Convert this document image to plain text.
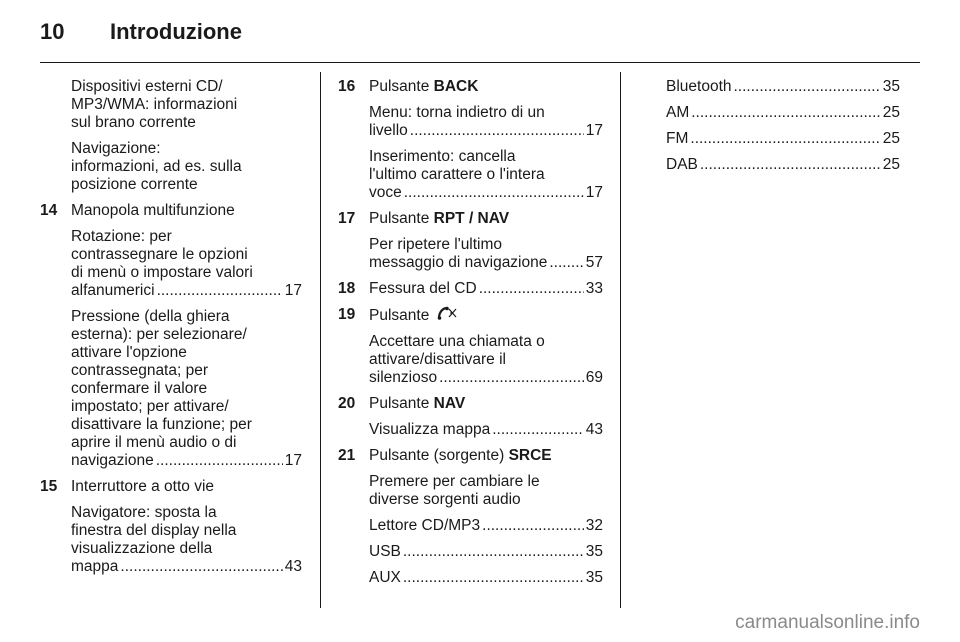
10 Introduzione
Dispositivi esterni CD/
MP3/WMA: informazioni
sul brano corrente
Navigazione:
informazioni, ad es. sulla
posizione corrente
14 Manopola multifunzione
Rotazione: per
contrassegnare le opzioni
di menù o impostare valori
alfanumerici .....	17
Pressione (della ghiera
esterna): per selezionare/
attivare l'opzione
contrassegnata; per
confermare il valore
impostato; per attivare/
disattivare la funzione; per
aprire il menù audio o di
navigazione .....	17
15 Interruttore a otto vie
Navigatore: sposta la
finestra del display nella
visualizzazione della
mappa .....	43
16 Pulsante BACK
Menu: torna indietro di un
livello .....	17
Inserimento: cancella
l'ultimo carattere o l'intera
voce .....	17
17 Pulsante RPT / NAV
Per ripetere l'ultimo
messaggio di navigazione ..... 57
18 Fessura del CD .....	33
19 Pulsante
Accettare una chiamata o
attivare/disattivare il
silenzioso .....	69
20 Pulsante NAV
Visualizza mappa .....	43
21 Pulsante (sorgente) SRCE
Premere per cambiare le
diverse sorgenti audio
Lettore CD/MP3 .....	32
USB .....	35
AUX .....	35
Bluetooth .....	35
AM .....	25
FM .....	25
DAB .....	25
carmanualsonline.info
